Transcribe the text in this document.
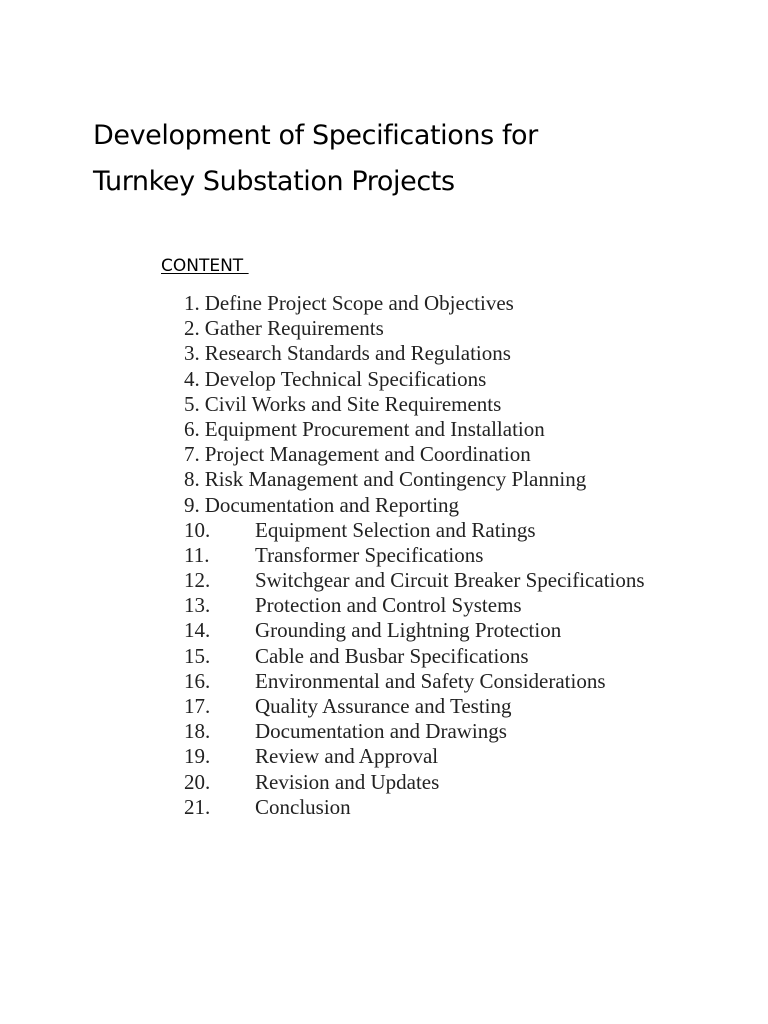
Development of Specifications for
Turnkey Substation Projects
CONTENT
1. Define Project Scope and Objectives
2. Gather Requirements
3. Research Standards and Regulations
4. Develop Technical Specifications
5. Civil Works and Site Requirements
6. Equipment Procurement and Installation
7. Project Management and Coordination
8. Risk Management and Contingency Planning
9. Documentation and Reporting
10. Equipment Selection and Ratings
11. Transformer Specifications
12. Switchgear and Circuit Breaker Specifications
13. Protection and Control Systems
14. Grounding and Lightning Protection
15. Cable and Busbar Specifications
16. Environmental and Safety Considerations
17. Quality Assurance and Testing
18. Documentation and Drawings
19. Review and Approval
20. Revision and Updates
21. Conclusion
